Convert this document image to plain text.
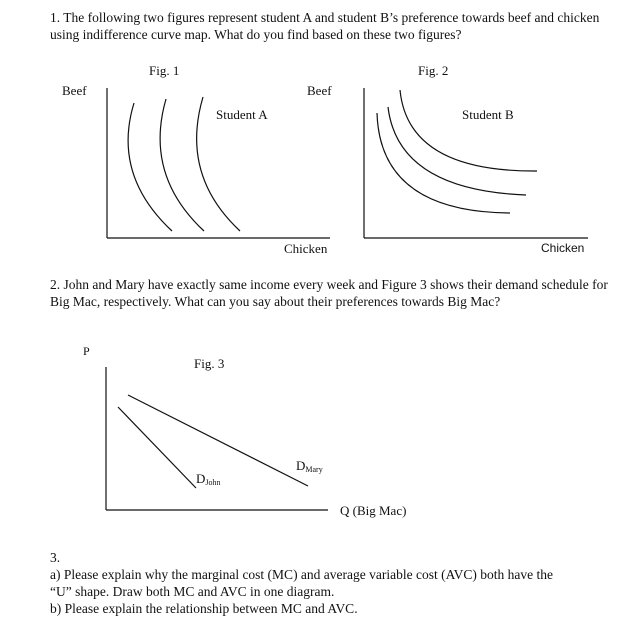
1. The following two figures represent student A and student B’s preference towards beef and chicken using indifference curve map. What do you find based on these two figures?
Fig. 1
Beef
Student A
Chicken
Fig. 2
Beef
Student B
Chicken
2. John and Mary have exactly same income every week and Figure 3 shows their demand schedule for Big Mac, respectively. What can you say about their preferences towards Big Mac?
P
Fig. 3
$D_{John}$
$D_{Mary}$
Q (Big Mac)
3.
a) Please explain why the marginal cost (MC) and average variable cost (AVC) both have the
“U” shape. Draw both MC and AVC in one diagram.
b) Please explain the relationship between MC and AVC.
